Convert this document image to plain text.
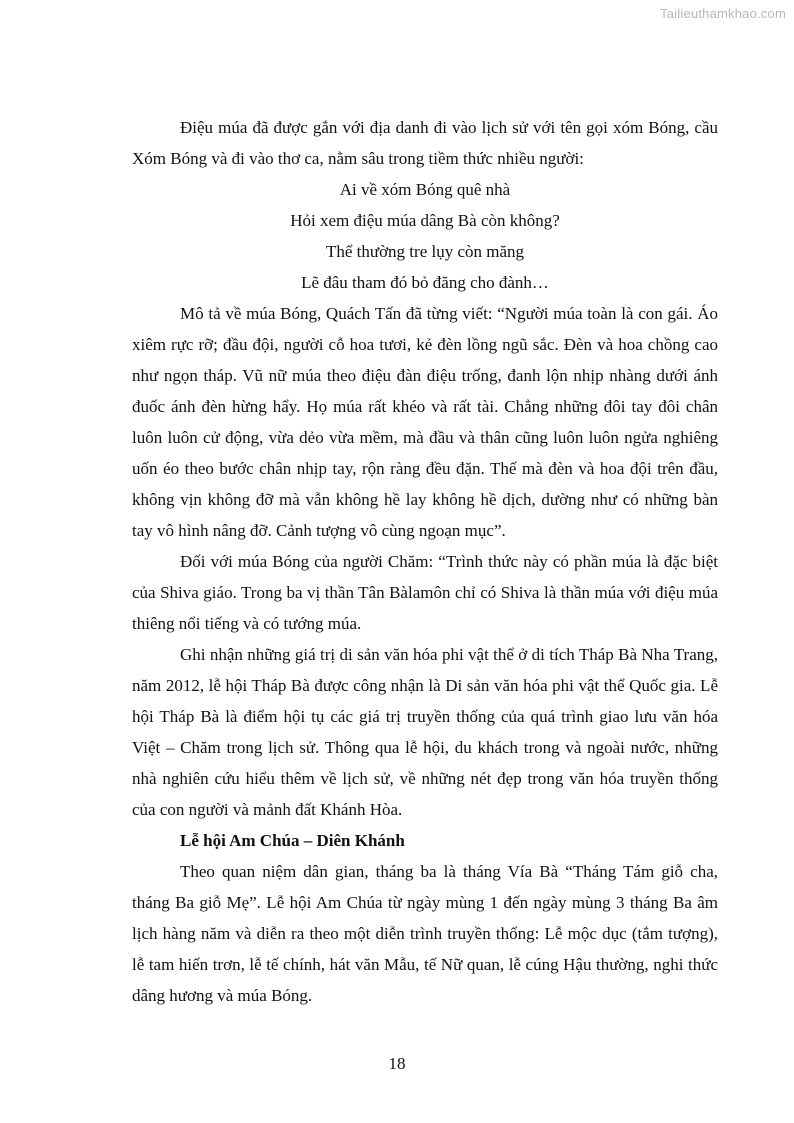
Tailieuthamkhao.com

Điệu múa đã được gắn với địa danh đi vào lịch sử với tên gọi xóm Bóng, cầu Xóm Bóng và đi vào thơ ca, nằm sâu trong tiềm thức nhiều người:

Ai về xóm Bóng quê nhà

Hỏi xem điệu múa dâng Bà còn không?

Thể thường tre lụy còn măng

Lẽ đâu tham đó bỏ đăng cho đành…

Mô tả về múa Bóng, Quách Tấn đã từng viết: “Người múa toàn là con gái. Áo xiêm rực rỡ; đầu đội, người cỗ hoa tươi, kẻ đèn lồng ngũ sắc. Đèn và hoa chồng cao như ngọn tháp. Vũ nữ múa theo điệu đàn điệu trống, đanh lộn nhịp nhàng dưới ánh đuốc ánh đèn hừng hẩy. Họ múa rất khéo và rất tài. Chẳng những đôi tay đôi chân luôn luôn cử động, vừa dẻo vừa mềm, mà đầu và thân cũng luôn luôn ngửa nghiêng uốn éo theo bước chân nhịp tay, rộn ràng đều đặn. Thế mà đèn và hoa đội trên đầu, không vịn không đỡ mà vẫn không hề lay không hề dịch, dường như có những bàn tay vô hình nâng đỡ. Cảnh tượng vô cùng ngoạn mục”.

Đối với múa Bóng của người Chăm: “Trình thức này có phần múa là đặc biệt của Shiva giáo. Trong ba vị thần Tân Bàlamôn chỉ có Shiva là thần múa với điệu múa thiêng nổi tiếng và có tướng múa.

Ghi nhận những giá trị di sản văn hóa phi vật thể ở di tích Tháp Bà Nha Trang, năm 2012, lễ hội Tháp Bà được công nhận là Di sản văn hóa phi vật thể Quốc gia. Lễ hội Tháp Bà là điểm hội tụ các giá trị truyền thống của quá trình giao lưu văn hóa Việt – Chăm trong lịch sử. Thông qua lễ hội, du khách trong và ngoài nước, những nhà nghiên cứu hiểu thêm về lịch sử, về những nét đẹp trong văn hóa truyền thống của con người và mảnh đất Khánh Hòa.

Lễ hội Am Chúa – Diên Khánh

Theo quan niệm dân gian, tháng ba là tháng Vía Bà “Tháng Tám giỗ cha, tháng Ba giỗ Mẹ”. Lễ hội Am Chúa từ ngày mùng 1 đến ngày mùng 3 tháng Ba âm lịch hàng năm và diễn ra theo một diễn trình truyền thống: Lễ mộc dục (tắm tượng), lễ tam hiến trơn, lễ tế chính, hát văn Mẫu, tế Nữ quan, lễ cúng Hậu thường, nghi thức dâng hương và múa Bóng.

18
